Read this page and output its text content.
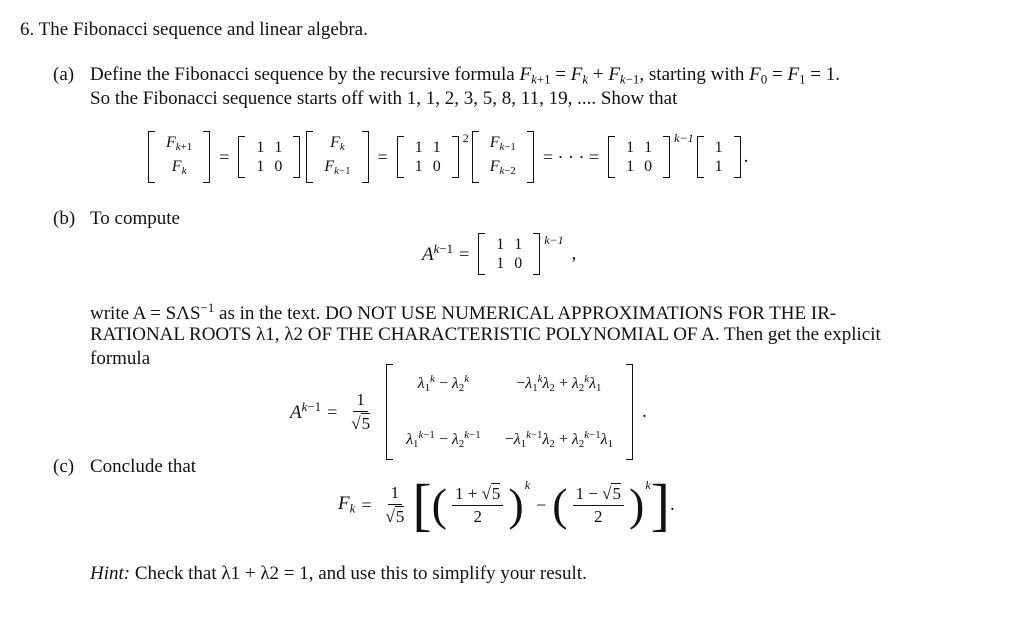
6. The Fibonacci sequence and linear algebra.
(a) Define the Fibonacci sequence by the recursive formula $F_{k+1} = F_k + F_{k-1}$, starting with $F_0 = F_1 = 1$.
So the Fibonacci sequence starts off with 1, 1, 2, 3, 5, 8, 11, 19, .... Show that
$F_{k+1}$
$F_k$
=	1 1
1 0
$F_k$
$F_{k-1}$
=	1 1
1 0
2	$F_{k-1}$
$F_{k-2}$
= · · · =	1 1
1 0
k−1
1
1 .
(b) To compute
$A^{k-1}$ =	1 1
1 0
k−1
,
write $A = S\Lambda S^{-1}$ as in the text. DO NOT USE NUMERICAL APPROXIMATIONS FOR THE IR-
RATIONAL ROOTS λ1, λ2 OF THE CHARACTERISTIC POLYNOMIAL OF A. Then get the explicit
formula
$A^{k-1} = \frac{1}{√5}$
$\lambda_1^k - \lambda_2^k$	$-\lambda_1^k\lambda_2 + \lambda_2^k\lambda_1$
$\lambda_1^{k-1} - \lambda_2^{k-1}$	$-\lambda_1^{k-1}\lambda_2 + \lambda_2^{k-1}\lambda_1$
.
(c) Conclude that
$F_k = \frac{1}{√5}$ [ ( $\frac{1 + √5}{2}$ ) k
− ( $\frac{1 - √5}{2}$ ) k ] .
Hint: Check that λ1 + λ2 = 1, and use this to simplify your result.
